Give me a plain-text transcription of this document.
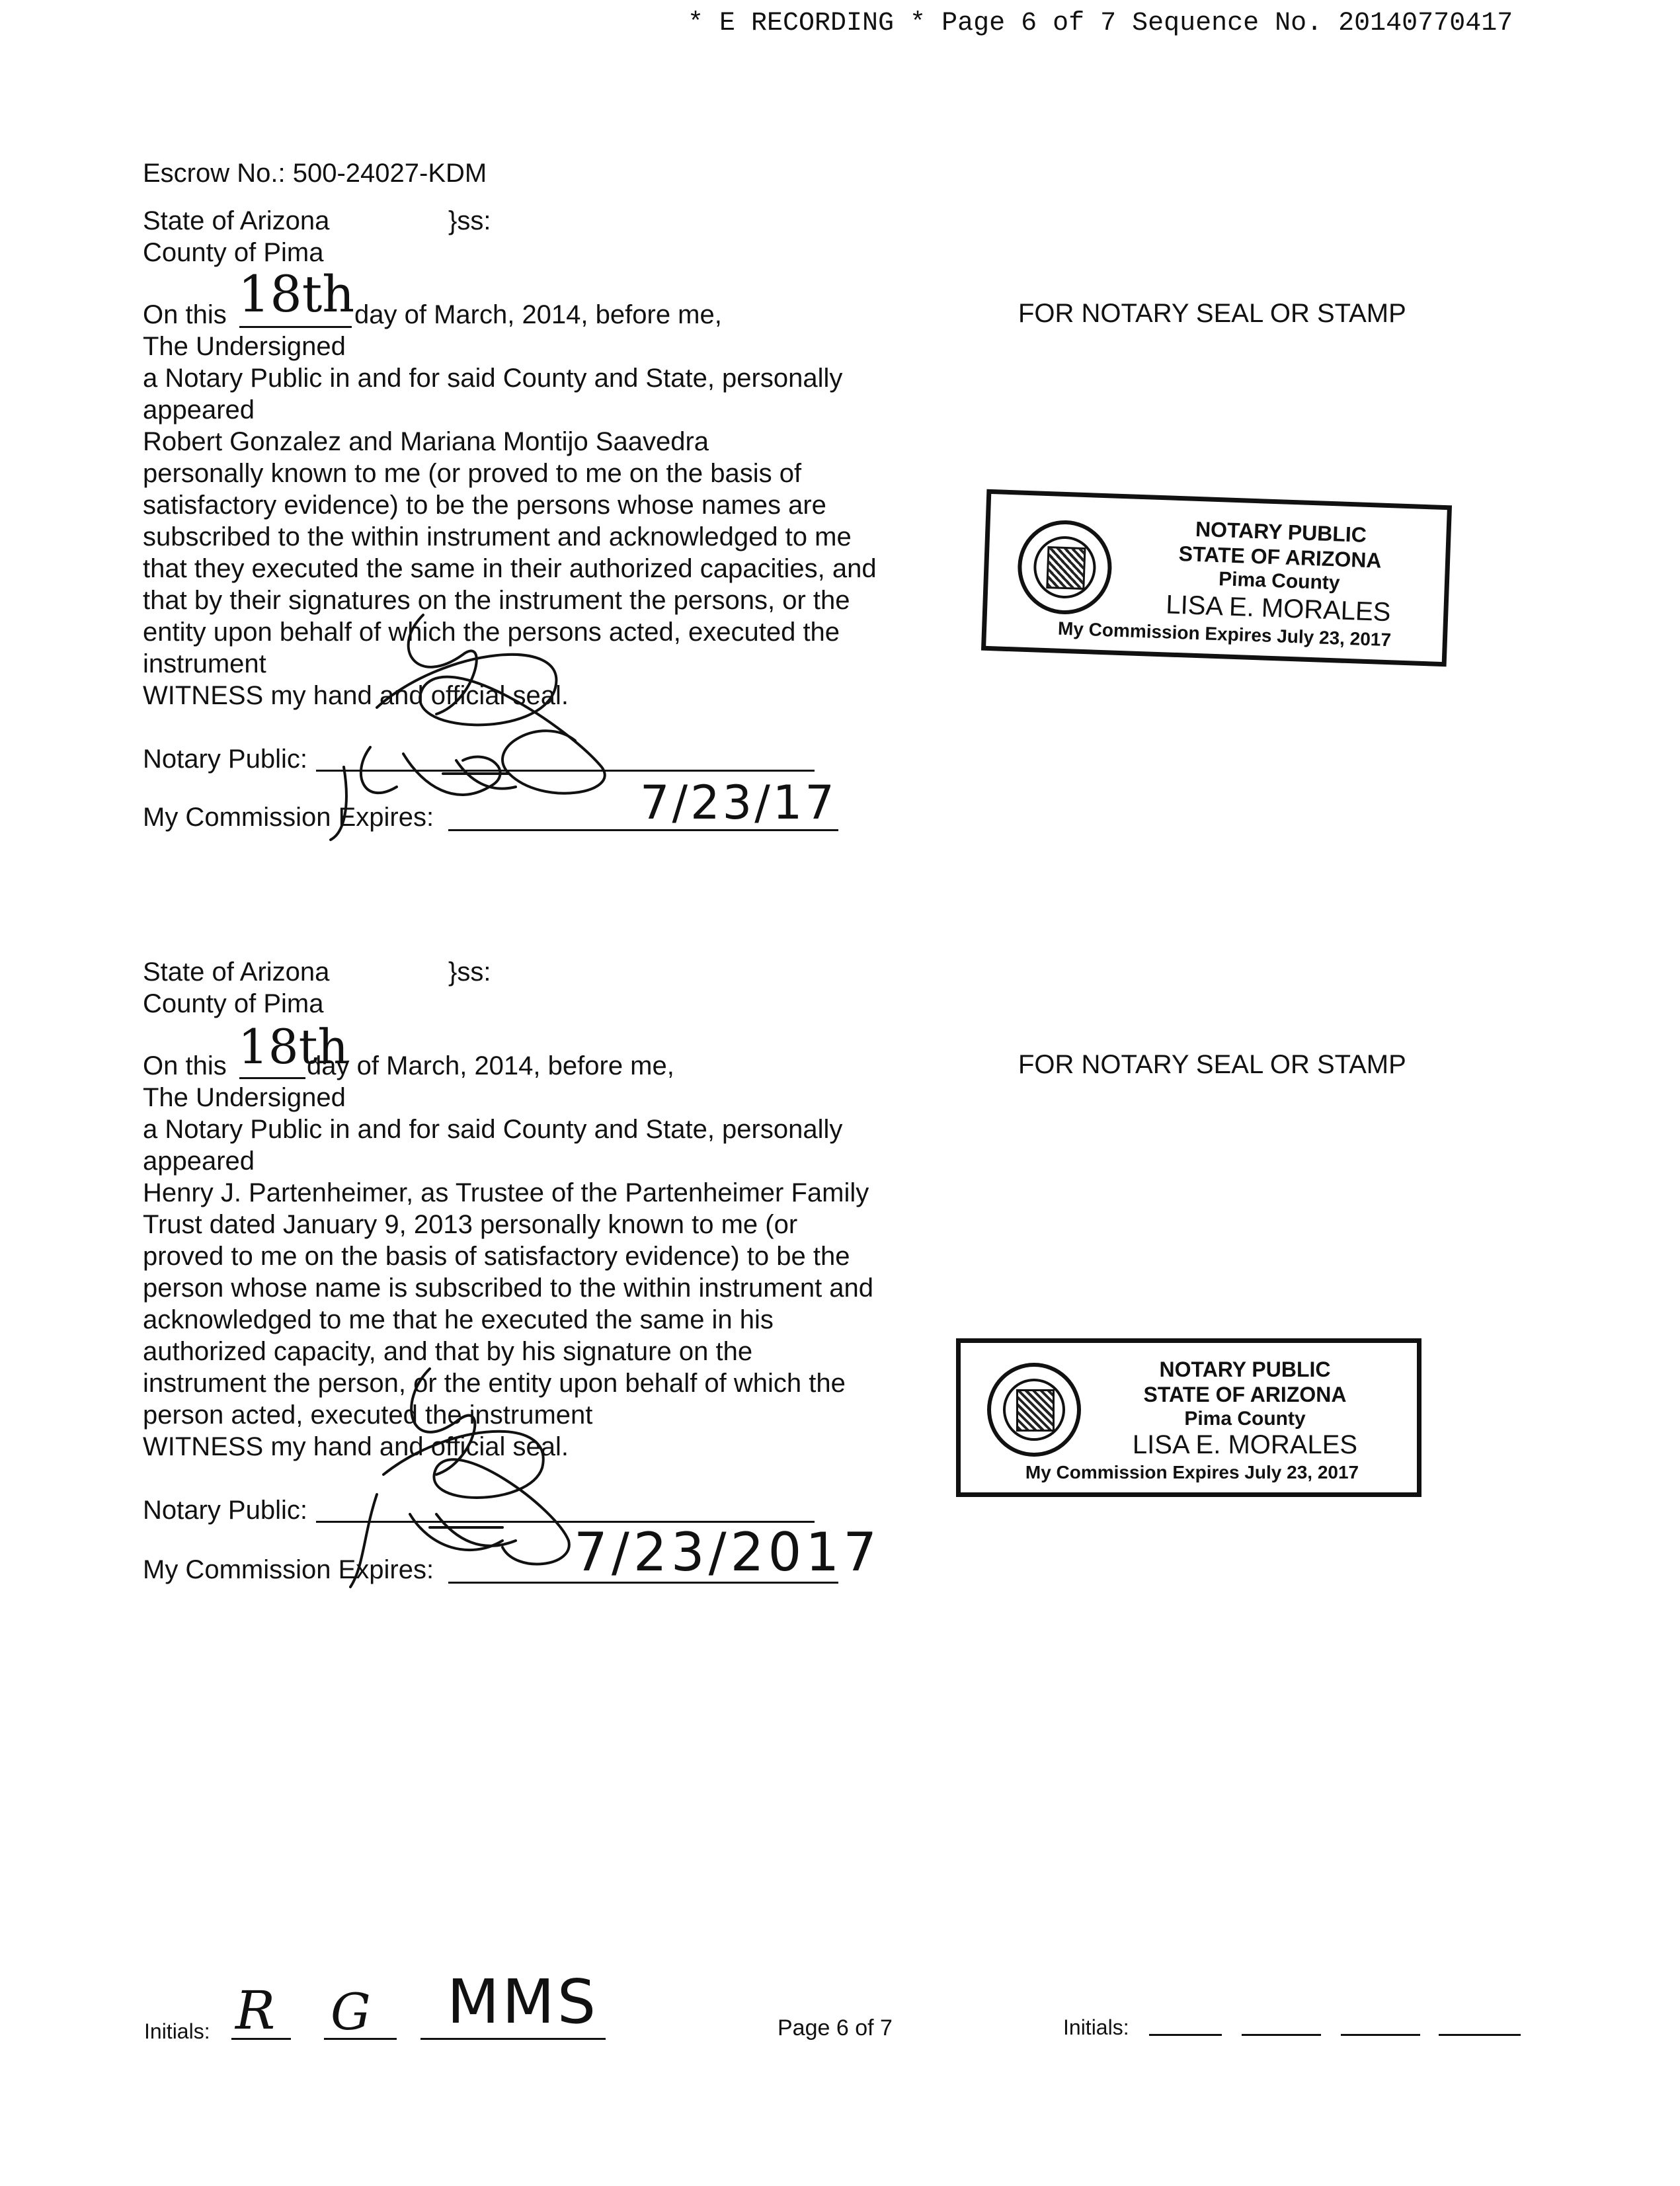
* E RECORDING * Page 6 of 7 Sequence No. 20140770417
Escrow No.: 500-24027-KDM
State of Arizona	}ss:
County of Pima
On this 18th day of March, 2014, before me,
The Undersigned
a Notary Public in and for said County and State, personally
appeared
Robert Gonzalez and Mariana Montijo Saavedra
personally known to me (or proved to me on the basis of
satisfactory evidence) to be the persons whose names are
subscribed to the within instrument and acknowledged to me
that they executed the same in their authorized capacities, and
that by their signatures on the instrument the persons, or the
entity upon behalf of which the persons acted, executed the
instrument
WITNESS my hand and official seal.
Notary Public:
My Commission Expires:	7/23/17
FOR NOTARY SEAL OR STAMP
NOTARY PUBLIC
STATE OF ARIZONA
Pima County
LISA E. MORALES
My Commission Expires July 23, 2017
State of Arizona	}ss:
County of Pima
On this 18th
day of March, 2014, before me,
The Undersigned
a Notary Public in and for said County and State, personally
appeared
Henry J. Partenheimer, as Trustee of the Partenheimer Family
Trust dated January 9, 2013 personally known to me (or
proved to me on the basis of satisfactory evidence) to be the
person whose name is subscribed to the within instrument and
acknowledged to me that he executed the same in his
authorized capacity, and that by his signature on the
instrument the person, or the entity upon behalf of which the
person acted, executed the instrument
WITNESS my hand and official seal.
Notary Public:
My Commission Expires:	7/23/2017
FOR NOTARY SEAL OR STAMP
NOTARY PUBLIC
STATE OF ARIZONA
Pima County
LISA E. MORALES
My Commission Expires July 23, 2017
Initials: R G MMS	Page 6 of 7	Initials:
